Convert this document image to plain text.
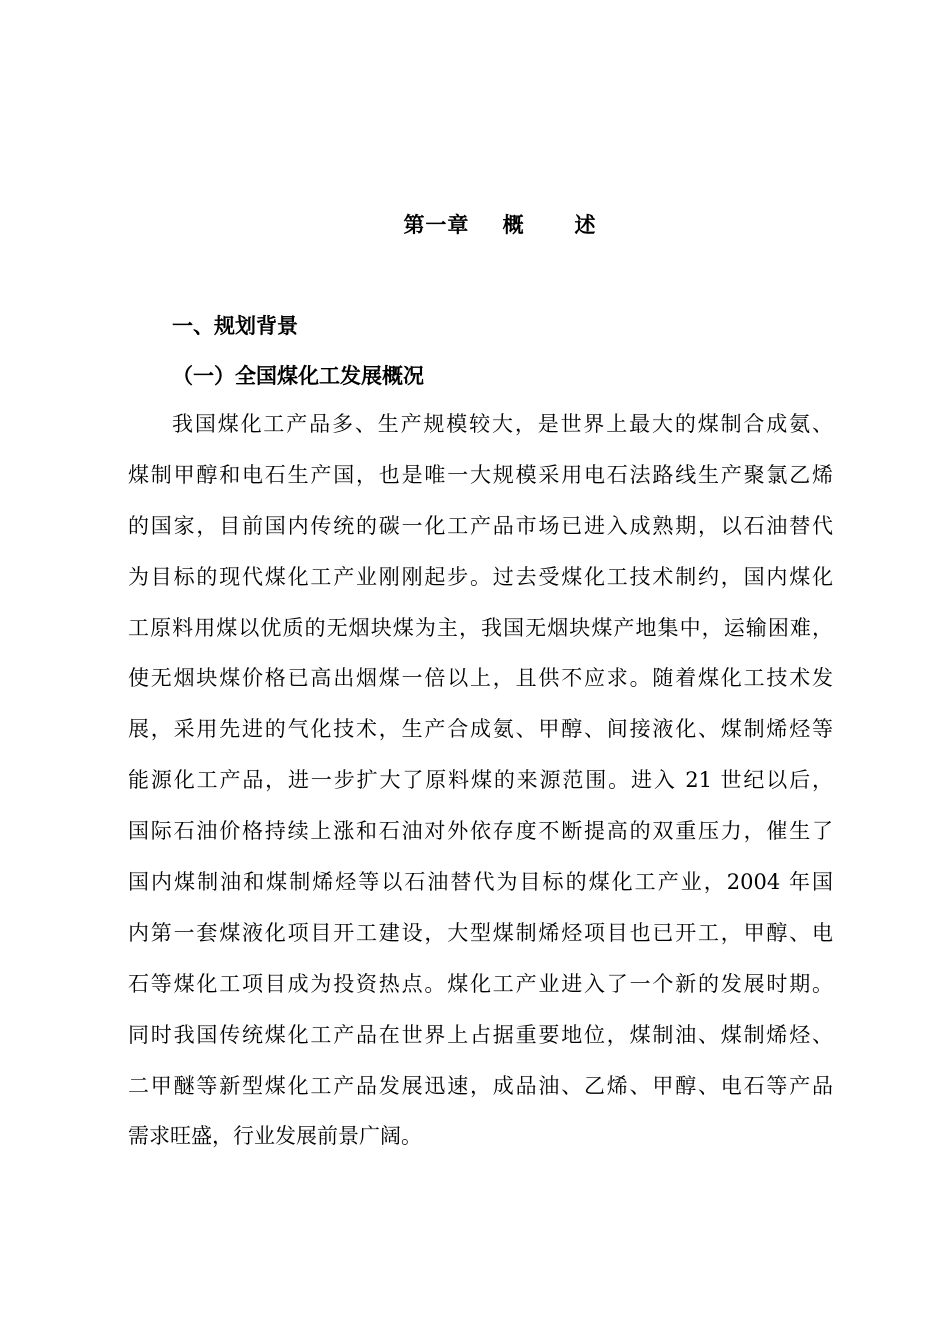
第一章    概      述
一、规划背景
（一）全国煤化工发展概况
我国煤化工产品多、生产规模较大，是世界上最大的煤制合成氨、
煤制甲醇和电石生产国，也是唯一大规模采用电石法路线生产聚氯乙烯
的国家，目前国内传统的碳一化工产品市场已进入成熟期，以石油替代
为目标的现代煤化工产业刚刚起步。过去受煤化工技术制约，国内煤化
工原料用煤以优质的无烟块煤为主，我国无烟块煤产地集中，运输困难，
使无烟块煤价格已高出烟煤一倍以上，且供不应求。随着煤化工技术发
展，采用先进的气化技术，生产合成氨、甲醇、间接液化、煤制烯烃等
能源化工产品，进一步扩大了原料煤的来源范围。进入 21 世纪以后，
国际石油价格持续上涨和石油对外依存度不断提高的双重压力，催生了
国内煤制油和煤制烯烃等以石油替代为目标的煤化工产业，2004 年国
内第一套煤液化项目开工建设，大型煤制烯烃项目也已开工，甲醇、电
石等煤化工项目成为投资热点。煤化工产业进入了一个新的发展时期。
同时我国传统煤化工产品在世界上占据重要地位，煤制油、煤制烯烃、
二甲醚等新型煤化工产品发展迅速，成品油、乙烯、甲醇、电石等产品
需求旺盛，行业发展前景广阔。
